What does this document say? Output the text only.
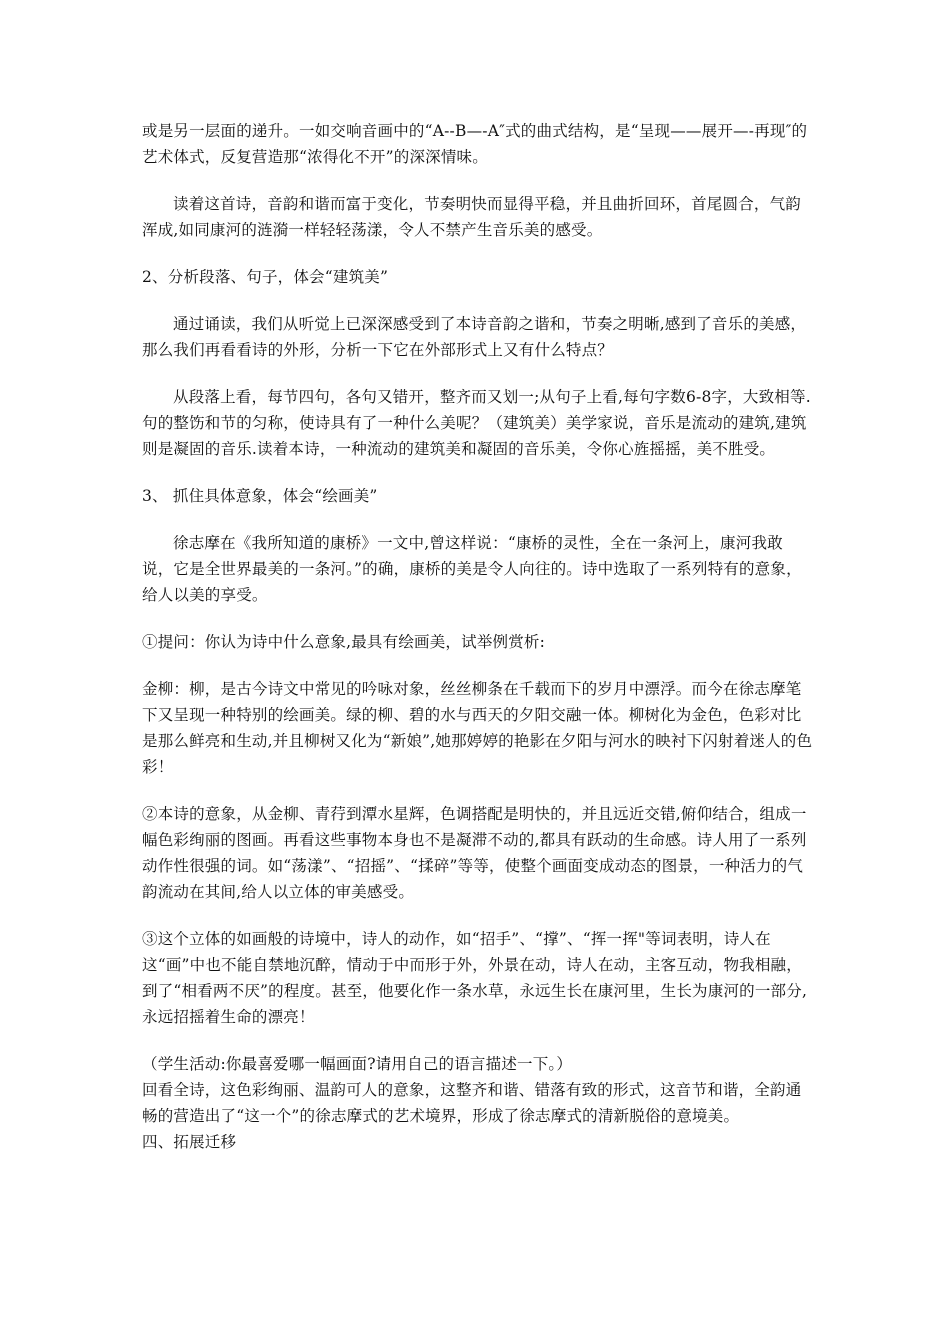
或是另一层面的递升。一如交响音画中的“A--B—-A″式的曲式结构，是“呈现——展开—-再现″的艺术体式，反复营造那“浓得化不开”的深深情味。

读着这首诗，音韵和谐而富于变化，节奏明快而显得平稳，并且曲折回环，首尾圆合，气韵浑成,如同康河的涟漪一样轻轻荡漾，令人不禁产生音乐美的感受。

2、分析段落、句子，体会“建筑美”

通过诵读，我们从听觉上已深深感受到了本诗音韵之谐和，节奏之明晰,感到了音乐的美感，那么我们再看看诗的外形，分析一下它在外部形式上又有什么特点？

从段落上看，每节四句，各句又错开，整齐而又划一;从句子上看,每句字数6-8字，大致相等.句的整饬和节的匀称，使诗具有了一种什么美呢？（建筑美）美学家说，音乐是流动的建筑,建筑则是凝固的音乐.读着本诗，一种流动的建筑美和凝固的音乐美，令你心旌摇摇，美不胜受。

3、 抓住具体意象，体会“绘画美”

徐志摩在《我所知道的康桥》一文中,曾这样说：“康桥的灵性，全在一条河上，康河我敢说，它是全世界最美的一条河。”的确，康桥的美是令人向往的。诗中选取了一系列特有的意象，给人以美的享受。

①提问：你认为诗中什么意象,最具有绘画美，试举例赏析:

金柳：柳，是古今诗文中常见的吟咏对象，丝丝柳条在千载而下的岁月中漂浮。而今在徐志摩笔下又呈现一种特别的绘画美。绿的柳、碧的水与西天的夕阳交融一体。柳树化为金色，色彩对比是那么鲜亮和生动,并且柳树又化为“新娘”,她那婷婷的艳影在夕阳与河水的映衬下闪射着迷人的色彩！

②本诗的意象，从金柳、青荇到潭水星辉，色调搭配是明快的，并且远近交错,俯仰结合，组成一幅色彩绚丽的图画。再看这些事物本身也不是凝滞不动的,都具有跃动的生命感。诗人用了一系列动作性很强的词。如“荡漾”、“招摇”、“揉碎”等等，使整个画面变成动态的图景，一种活力的气韵流动在其间,给人以立体的审美感受。

③这个立体的如画般的诗境中，诗人的动作，如“招手”、“撑”、“挥一挥"等词表明，诗人在这“画”中也不能自禁地沉醉，情动于中而形于外，外景在动，诗人在动，主客互动，物我相融，到了“相看两不厌”的程度。甚至，他要化作一条水草，永远生长在康河里，生长为康河的一部分,永远招摇着生命的漂亮！

（学生活动:你最喜爱哪一幅画面?请用自己的语言描述一下。）

回看全诗，这色彩绚丽、温韵可人的意象，这整齐和谐、错落有致的形式，这音节和谐，全韵通畅的营造出了“这一个”的徐志摩式的艺术境界，形成了徐志摩式的清新脱俗的意境美。

四、拓展迁移
